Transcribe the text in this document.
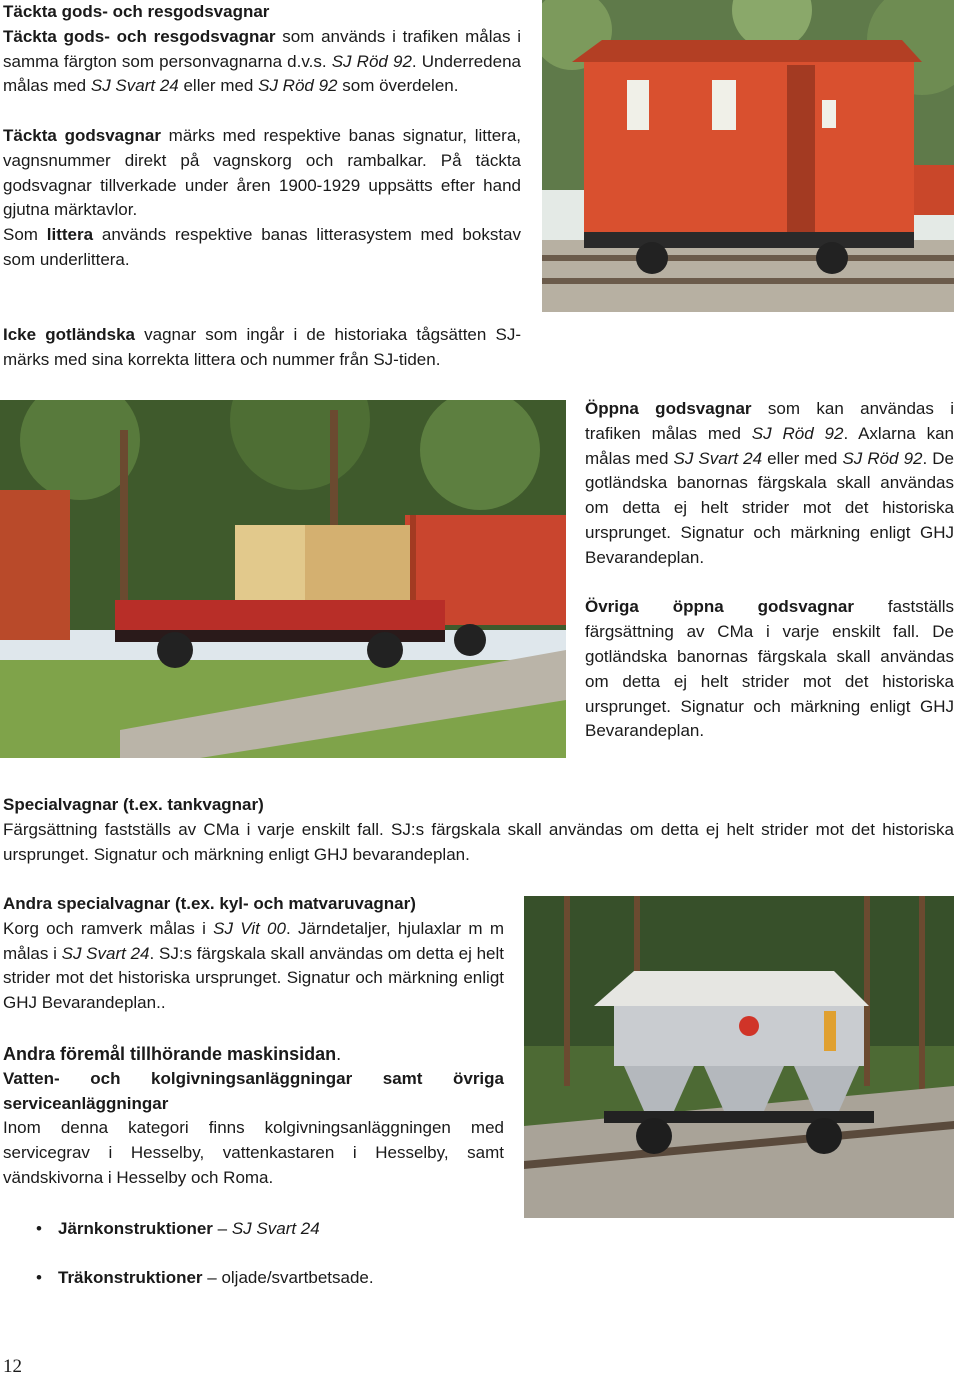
Täckta gods- och resgodsvagnar

Täckta gods- och resgodsvagnar som används i trafiken målas i samma färgton som personvagnarna d.v.s. SJ Röd 92. Underredena målas med SJ Svart 24 eller med SJ Röd 92 som överdelen.

Täckta godsvagnar märks med respektive banas signatur, littera, vagnsnummer direkt på vagnskorg och rambalkar. På täckta godsvagnar tillverkade under åren 1900-1929 uppsätts efter hand gjutna märktavlor.

Som littera används respektive banas litterasystem med bokstav som underlittera.

Icke gotländska vagnar som ingår i de historiaka tågsätten SJ-märks med sina korrekta littera och nummer från SJ-tiden.

Öppna godsvagnar som kan användas i trafiken målas med SJ Röd 92. Axlarna kan målas med SJ Svart 24 eller med SJ Röd 92. De gotländska banornas färgskala skall användas om detta ej helt strider mot det historiska ursprunget. Signatur och märkning enligt GHJ Bevarandeplan.

Övriga öppna godsvagnar fastställs färgsättning av CMa i varje enskilt fall. De gotländska banornas färgskala skall användas om detta ej helt strider mot det historiska ursprunget. Signatur och märkning enligt GHJ Bevarandeplan.

Specialvagnar (t.ex. tankvagnar)

Färgsättning fastställs av CMa i varje enskilt fall. SJ:s färgskala skall användas om detta ej helt strider mot det historiska ursprunget. Signatur och märkning enligt GHJ bevarandeplan.

Andra specialvagnar (t.ex. kyl- och matvaruvagnar)

Korg och ramverk målas i SJ Vit 00. Järndetaljer, hjulaxlar m m målas i SJ Svart 24. SJ:s färgskala skall användas om detta ej helt strider mot det historiska ursprunget. Signatur och märkning enligt GHJ Bevarandeplan..

Andra föremål tillhörande maskinsidan.

Vatten- och kolgivningsanläggningar samt övriga serviceanläggningar

Inom denna kategori finns kolgivningsanläggningen med servicegrav i Hesselby, vattenkastaren i Hesselby, samt vändskivorna i Hesselby och Roma.

• Järnkonstruktioner – SJ Svart 24
• Träkonstruktioner – oljade/svartbetsade.
12
